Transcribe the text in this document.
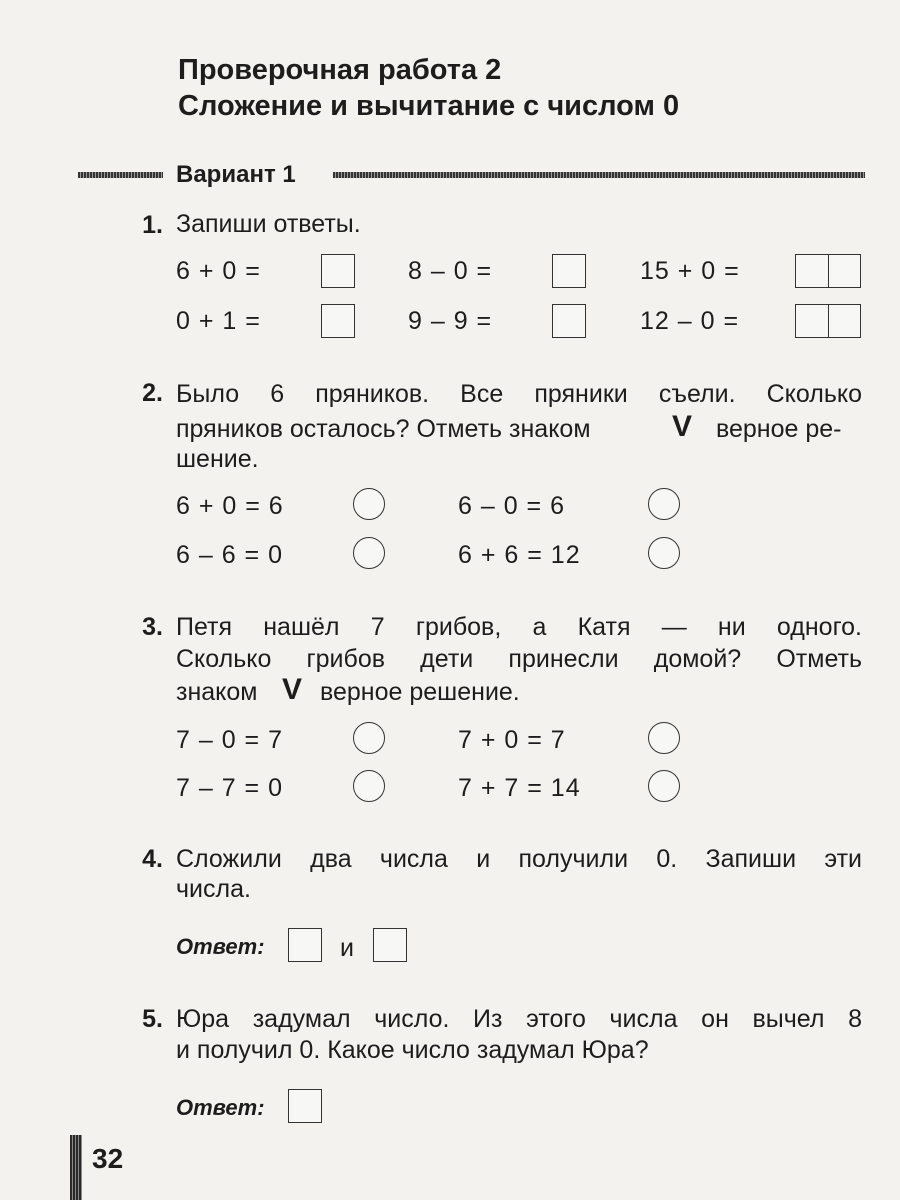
Проверочная работа 2
Сложение и вычитание с числом 0
Вариант 1
1. Запиши ответы.
6 + 0 =	8 – 0 =	15 + 0 =
0 + 1 =	9 – 9 =	12 – 0 =
2. Было 6 пряников. Все пряники съели. Сколько
пряников осталось? Отметь знаком	V верное ре-
шение.
6 + 0 = 6	6 – 0 = 6
6 – 6 = 0	6 + 6 = 12
3. Петя нашёл 7 грибов, а Катя — ни одного.
Сколько грибов дети принесли домой? Отметь
знаком V верное решение.
7 – 0 = 7	7 + 0 = 7
7 – 7 = 0	7 + 7 = 14
4. Сложили два числа и получили 0. Запиши эти
числа.
Ответ:	и
5. Юра задумал число. Из этого числа он вычел 8
и получил 0. Какое число задумал Юра?
Ответ:
32
